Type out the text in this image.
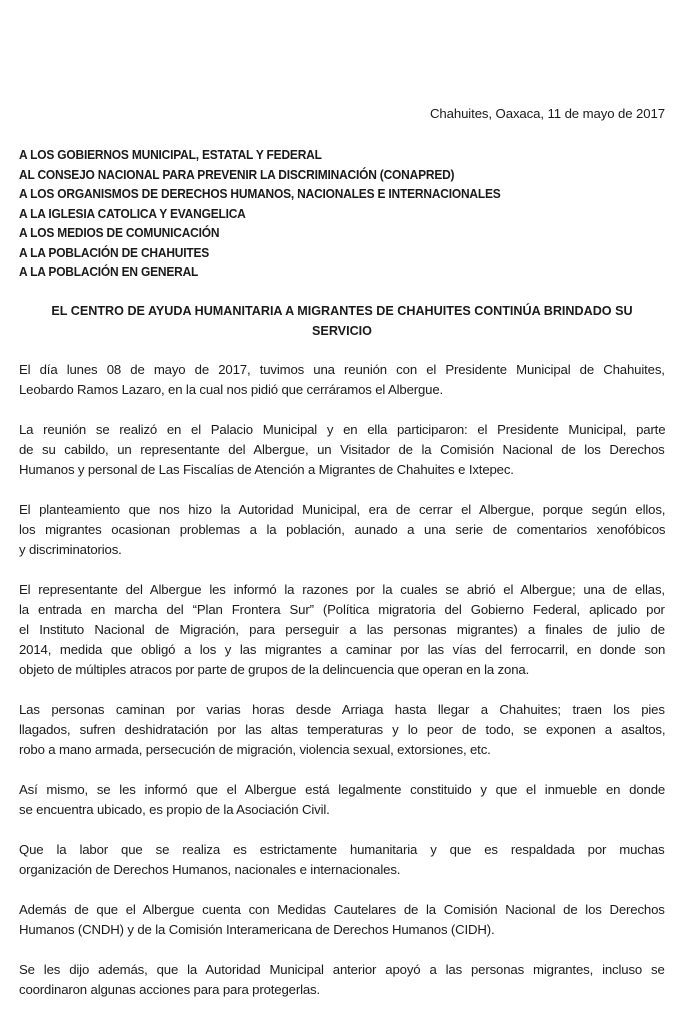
Chahuites, Oaxaca, 11 de mayo de 2017
A LOS GOBIERNOS MUNICIPAL, ESTATAL Y FEDERAL
AL CONSEJO NACIONAL PARA PREVENIR LA DISCRIMINACIÓN (CONAPRED)
A LOS ORGANISMOS DE DERECHOS HUMANOS, NACIONALES E INTERNACIONALES
A LA IGLESIA CATOLICA Y EVANGELICA
A LOS MEDIOS DE COMUNICACIÓN
A LA POBLACIÓN DE CHAHUITES
A LA POBLACIÓN EN GENERAL
EL CENTRO DE AYUDA HUMANITARIA A MIGRANTES DE CHAHUITES CONTINÚA BRINDADO SU
SERVICIO
El día lunes 08 de mayo de 2017, tuvimos una reunión con el Presidente Municipal de Chahuites,
Leobardo Ramos Lazaro, en la cual nos pidió que cerráramos el Albergue.
La reunión se realizó en el Palacio Municipal y en ella participaron: el Presidente Municipal, parte
de su cabildo, un representante del Albergue, un Visitador de la Comisión Nacional de los Derechos
Humanos y personal de Las Fiscalías de Atención a Migrantes de Chahuites e Ixtepec.
El planteamiento que nos hizo la Autoridad Municipal, era de cerrar el Albergue, porque según ellos,
los migrantes ocasionan problemas a la población, aunado a una serie de comentarios xenofóbicos
y discriminatorios.
El representante del Albergue les informó la razones por la cuales se abrió el Albergue; una de ellas,
la entrada en marcha del “Plan Frontera Sur” (Política migratoria del Gobierno Federal, aplicado por
el Instituto Nacional de Migración, para perseguir a las personas migrantes) a finales de julio de
2014, medida que obligó a los y las migrantes a caminar por las vías del ferrocarril, en donde son
objeto de múltiples atracos por parte de grupos de la delincuencia que operan en la zona.
Las personas caminan por varias horas desde Arriaga hasta llegar a Chahuites; traen los pies
llagados, sufren deshidratación por las altas temperaturas y lo peor de todo, se exponen a asaltos,
robo a mano armada, persecución de migración, violencia sexual, extorsiones, etc.
Así mismo, se les informó que el Albergue está legalmente constituido y que el inmueble en donde
se encuentra ubicado, es propio de la Asociación Civil.
Que la labor que se realiza es estrictamente humanitaria y que es respaldada por muchas
organización de Derechos Humanos, nacionales e internacionales.
Además de que el Albergue cuenta con Medidas Cautelares de la Comisión Nacional de los Derechos
Humanos (CNDH) y de la Comisión Interamericana de Derechos Humanos (CIDH).
Se les dijo además, que la Autoridad Municipal anterior apoyó a las personas migrantes, incluso se
coordinaron algunas acciones para para protegerlas.
